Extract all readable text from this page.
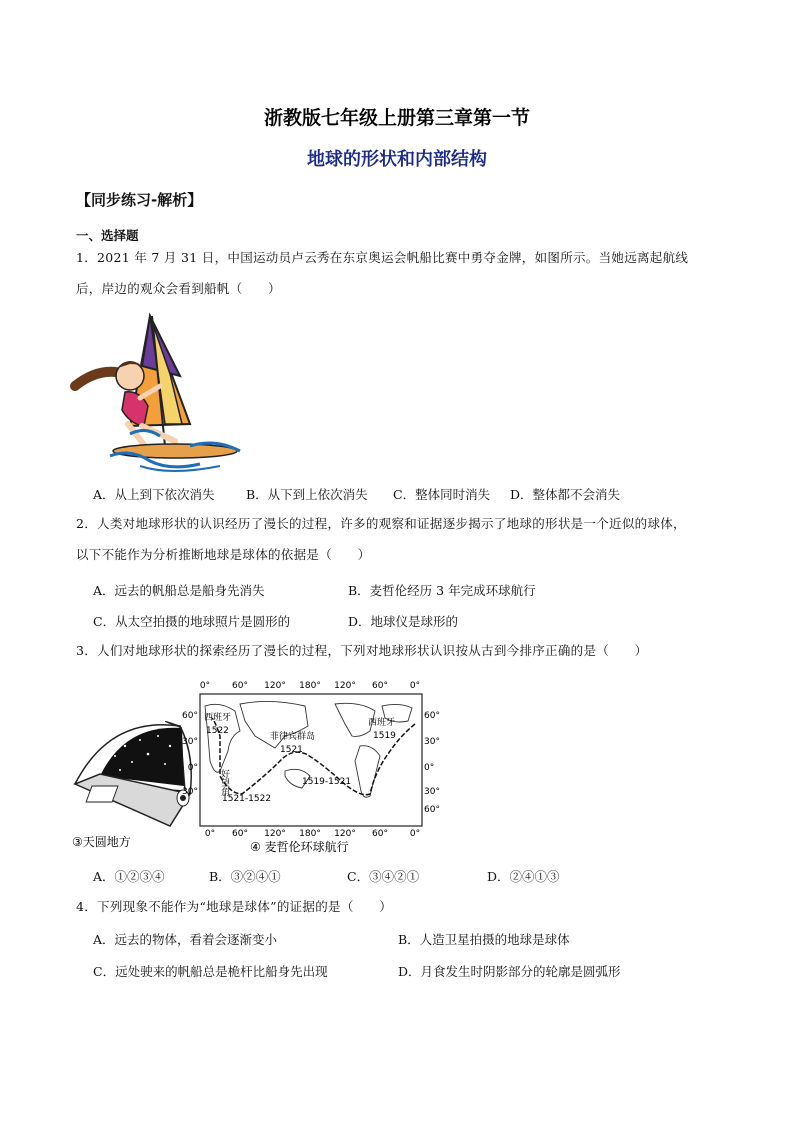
浙教版七年级上册第三章第一节
地球的形状和内部结构
【同步练习-解析】
一、选择题
1．2021 年 7 月 31 日，中国运动员卢云秀在东京奥运会帆船比赛中勇夺金牌，如图所示。当她远离起航线
后，岸边的观众会看到船帆（　　）
A．从上到下依次消失	B．从下到上依次消失 C．整体同时消失 D．整体都不会消失
2．人类对地球形状的认识经历了漫长的过程，许多的观察和证据逐步揭示了地球的形状是一个近似的球体，
以下不能作为分析推断地球是球体的依据是（　　）
A．远去的帆船总是船身先消失	B．麦哲伦经历 3 年完成环球航行
C．从太空拍摄的地球照片是圆形的	D．地球仪是球形的
3．人们对地球形状的探索经历了漫长的过程，下列对地球形状认识按从古到今排序正确的是（　　）
③天圆地方
0° 60° 120° 180° 120° 60° 0°
0° 60° 120° 180° 120° 60° 0°
60°
30°
0°
30°
60°
30°
0°
30°
60°
西班牙
1522
菲律宾群岛
1521
好望角
1521-1522
西班牙
1519
1519-1521
④ 麦哲伦环球航行
A．①②③④	B．③②④①	C．③④②①	D．②④①③
4．下列现象不能作为“地球是球体”的证据的是（　　）
A．远去的物体，看着会逐渐变小	B．人造卫星拍摄的地球是球体
C．远处驶来的帆船总是桅杆比船身先出现	D．月食发生时阴影部分的轮廓是圆弧形
